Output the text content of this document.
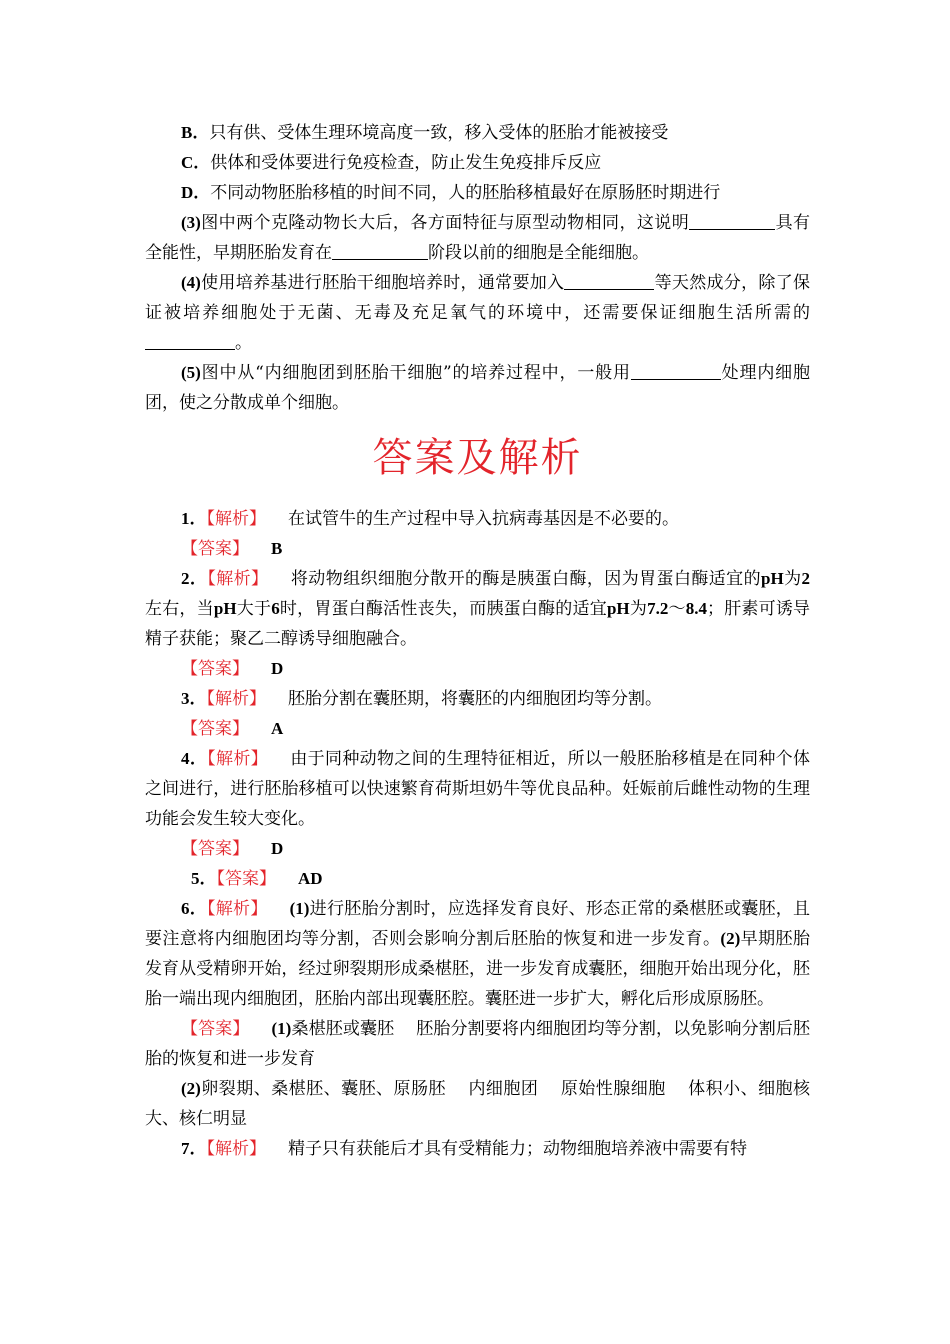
B．只有供、受体生理环境高度一致，移入受体的胚胎才能被接受

C．供体和受体要进行免疫检查，防止发生免疫排斥反应

D．不同动物胚胎移植的时间不同，人的胚胎移植最好在原肠胚时期进行

(3)图中两个克隆动物长大后，各方面特征与原型动物相同，这说明	具有全能性，早期胚胎发育在	阶段以前的细胞是全能细胞。

(4)使用培养基进行胚胎干细胞培养时，通常要加入	等天然成分，除了保证被培养细胞处于无菌、无毒及充足氧气的环境中，还需要保证细胞生活所需的。

(5)图中从“内细胞团到胚胎干细胞”的培养过程中，一般用	处理内细胞团，使之分散成单个细胞。

答案及解析

1．【解析】 在试管牛的生产过程中导入抗病毒基因是不必要的。

【答案】 B

2．【解析】 将动物组织细胞分散开的酶是胰蛋白酶，因为胃蛋白酶适宜的pH为2左右，当pH大于6时，胃蛋白酶活性丧失，而胰蛋白酶的适宜pH为7.2～8.4；肝素可诱导精子获能；聚乙二醇诱导细胞融合。

【答案】 D

3．【解析】 胚胎分割在囊胚期，将囊胚的内细胞团均等分割。

【答案】 A

4．【解析】 由于同种动物之间的生理特征相近，所以一般胚胎移植是在同种个体之间进行，进行胚胎移植可以快速繁育荷斯坦奶牛等优良品种。妊娠前后雌性动物的生理功能会发生较大变化。

【答案】 D

5．【答案】 AD

6．【解析】 (1)进行胚胎分割时，应选择发育良好、形态正常的桑椹胚或囊胚，且要注意将内细胞团均等分割，否则会影响分割后胚胎的恢复和进一步发育。(2)早期胚胎发育从受精卵开始，经过卵裂期形成桑椹胚，进一步发育成囊胚，细胞开始出现分化，胚胎一端出现内细胞团，胚胎内部出现囊胚腔。囊胚进一步扩大，孵化后形成原肠胚。

【答案】 (1)桑椹胚或囊胚 胚胎分割要将内细胞团均等分割，以免影响分割后胚胎的恢复和进一步发育

(2)卵裂期、桑椹胚、囊胚、原肠胚 内细胞团 原始性腺细胞 体积小、细胞核大、核仁明显

7．【解析】 精子只有获能后才具有受精能力；动物细胞培养液中需要有特
